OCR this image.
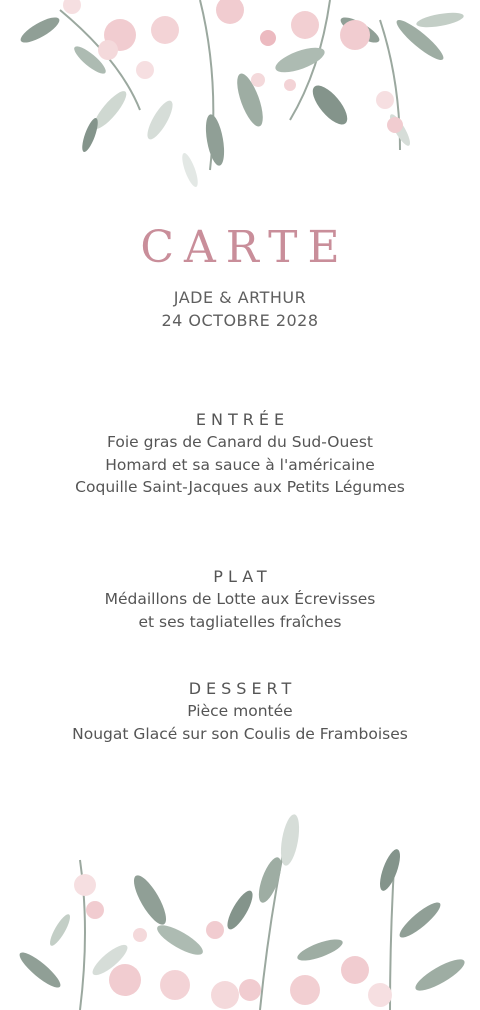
CARTE
JADE & ARTHUR
24 OCTOBRE 2028
ENTRÉE
Foie gras de Canard du Sud-Ouest
Homard et sa sauce à l'américaine
Coquille Saint-Jacques aux Petits Légumes
PLAT
Médaillons de Lotte aux Écrevisses
et ses tagliatelles fraîches
DESSERT
Pièce montée
Nougat Glacé sur son Coulis de Framboises
